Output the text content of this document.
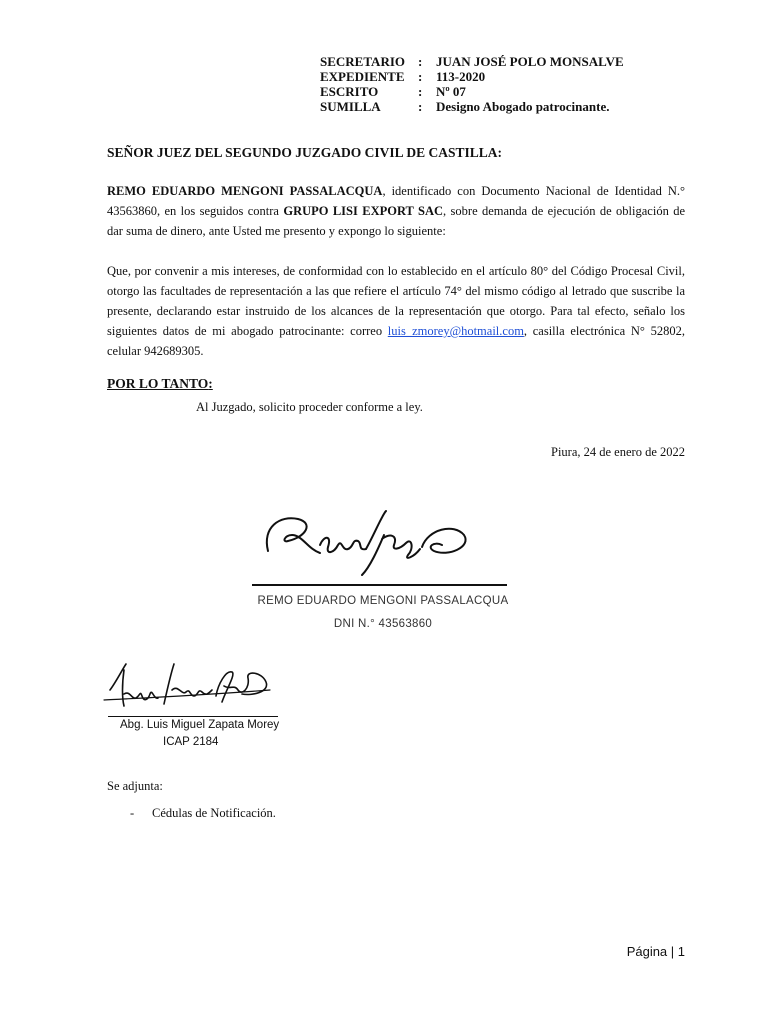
SECRETARIO :	JUAN JOSÉ POLO MONSALVE
EXPEDIENTE	:	113-2020
ESCRITO	:	Nº 07
SUMILLA	:	Designo Abogado patrocinante.
SEÑOR JUEZ DEL SEGUNDO JUZGADO CIVIL DE CASTILLA:
REMO EDUARDO MENGONI PASSALACQUA, identificado con Documento Nacional de Identidad N.° 43563860, en los seguidos contra GRUPO LISI EXPORT SAC, sobre demanda de ejecución de obligación de dar suma de dinero, ante Usted me presento y expongo lo siguiente:
Que, por convenir a mis intereses, de conformidad con lo establecido en el artículo 80° del Código Procesal Civil, otorgo las facultades de representación a las que refiere el artículo 74° del mismo código al letrado que suscribe la presente, declarando estar instruido de los alcances de la representación que otorgo. Para tal efecto, señalo los siguientes datos de mi abogado patrocinante: correo luis_zmorey@hotmail.com, casilla electrónica N° 52802, celular 942689305.
POR LO TANTO:
Al Juzgado, solicito proceder conforme a ley.
Piura, 24 de enero de 2022
REMO EDUARDO MENGONI PASSALACQUA
DNI N.° 43563860
Abg. Luis Miguel Zapata Morey
ICAP 2184
Se adjunta:
-	Cédulas de Notificación.
Página | 1
